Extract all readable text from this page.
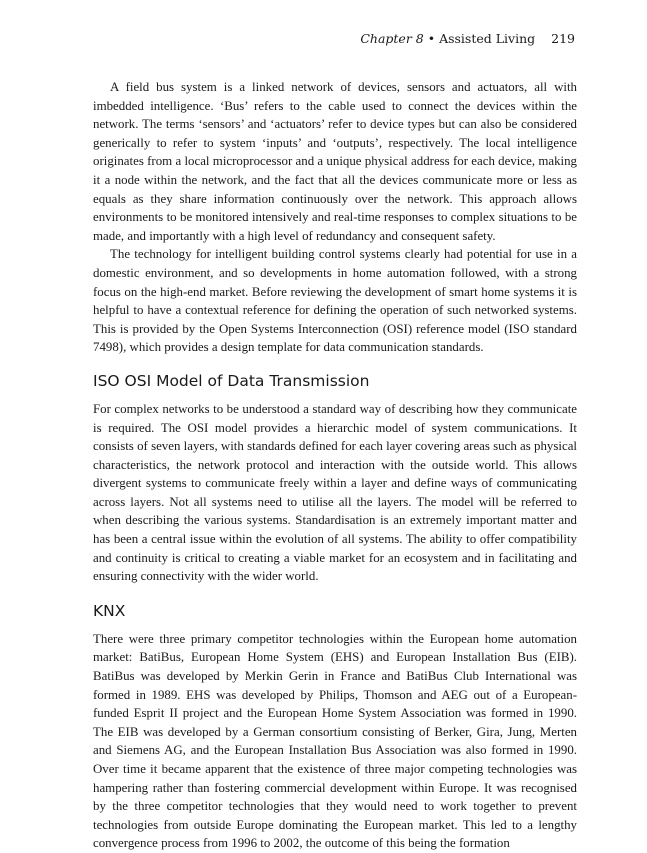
Chapter 8 • Assisted Living 219

A field bus system is a linked network of devices, sensors and actuators, all with imbedded intelligence. ‘Bus’ refers to the cable used to connect the devices within the network. The terms ‘sensors’ and ‘actuators’ refer to device types but can also be considered generically to refer to system ‘inputs’ and ‘outputs’, respectively. The local intelligence originates from a local microprocessor and a unique physical address for each device, making it a node within the network, and the fact that all the devices communicate more or less as equals as they share information continuously over the network. This approach allows environments to be monitored intensively and real-time responses to complex situations to be made, and importantly with a high level of redundancy and consequent safety.

The technology for intelligent building control systems clearly had potential for use in a domestic environment, and so developments in home automation followed, with a strong focus on the high-end market. Before reviewing the development of smart home systems it is helpful to have a contextual reference for defining the operation of such networked systems. This is provided by the Open Systems Interconnection (OSI) reference model (ISO standard 7498), which provides a design template for data communication standards.

ISO OSI Model of Data Transmission

For complex networks to be understood a standard way of describing how they communicate is required. The OSI model provides a hierarchic model of system communications. It consists of seven layers, with standards defined for each layer covering areas such as physical characteristics, the network protocol and interaction with the outside world. This allows divergent systems to communicate freely within a layer and define ways of communicating across layers. Not all systems need to utilise all the layers. The model will be referred to when describing the various systems. Standardisation is an extremely important matter and has been a central issue within the evolution of all systems. The ability to offer compatibility and continuity is critical to creating a viable market for an ecosystem and in facilitating and ensuring connectivity with the wider world.

KNX

There were three primary competitor technologies within the European home automation market: BatiBus, European Home System (EHS) and European Installation Bus (EIB). BatiBus was developed by Merkin Gerin in France and BatiBus Club International was formed in 1989. EHS was developed by Philips, Thomson and AEG out of a European-funded Esprit II project and the European Home System Association was formed in 1990. The EIB was developed by a German consortium consisting of Berker, Gira, Jung, Merten and Siemens AG, and the European Installation Bus Association was also formed in 1990. Over time it became apparent that the existence of three major competing technologies was hampering rather than fostering commercial development within Europe. It was recognised by the three competitor technologies that they would need to work together to prevent technologies from outside Europe dominating the European market. This led to a lengthy convergence process from 1996 to 2002, the outcome of this being the formation
